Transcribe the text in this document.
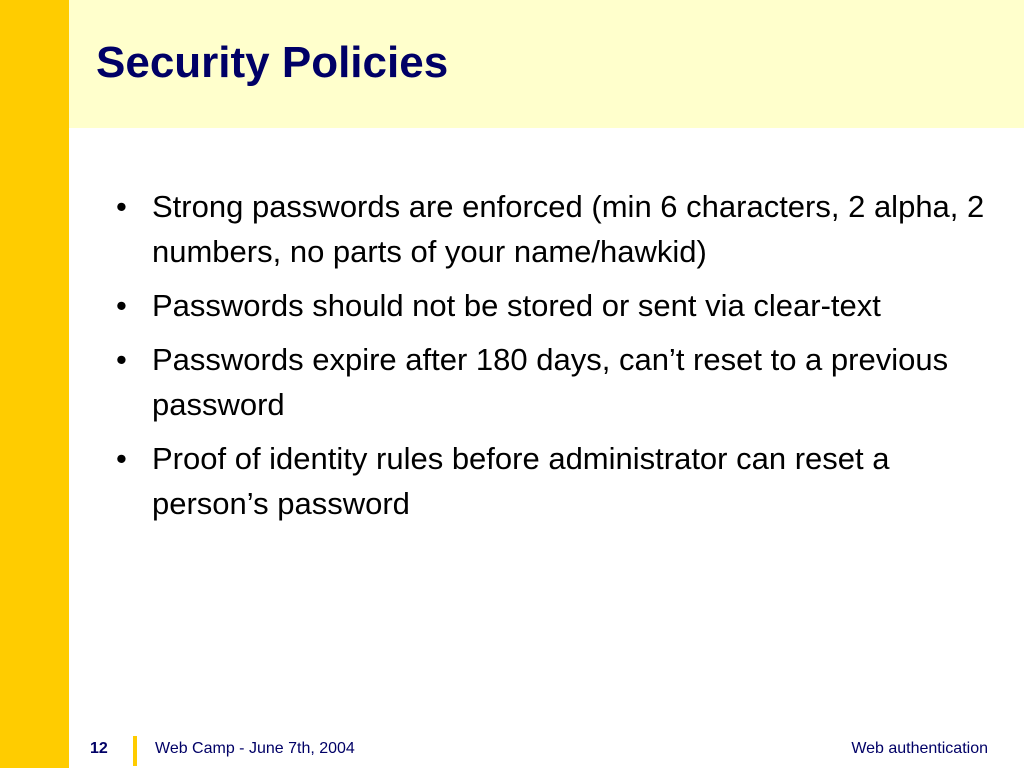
Security Policies
• Strong passwords are enforced (min 6 characters, 2 alpha, 2 numbers, no parts of your name/hawkid)
• Passwords should not be stored or sent via clear-text
• Passwords expire after 180 days, can’t reset to a previous password
• Proof of identity rules before administrator can reset a person’s password
12	Web Camp - June 7th, 2004	Web authentication
